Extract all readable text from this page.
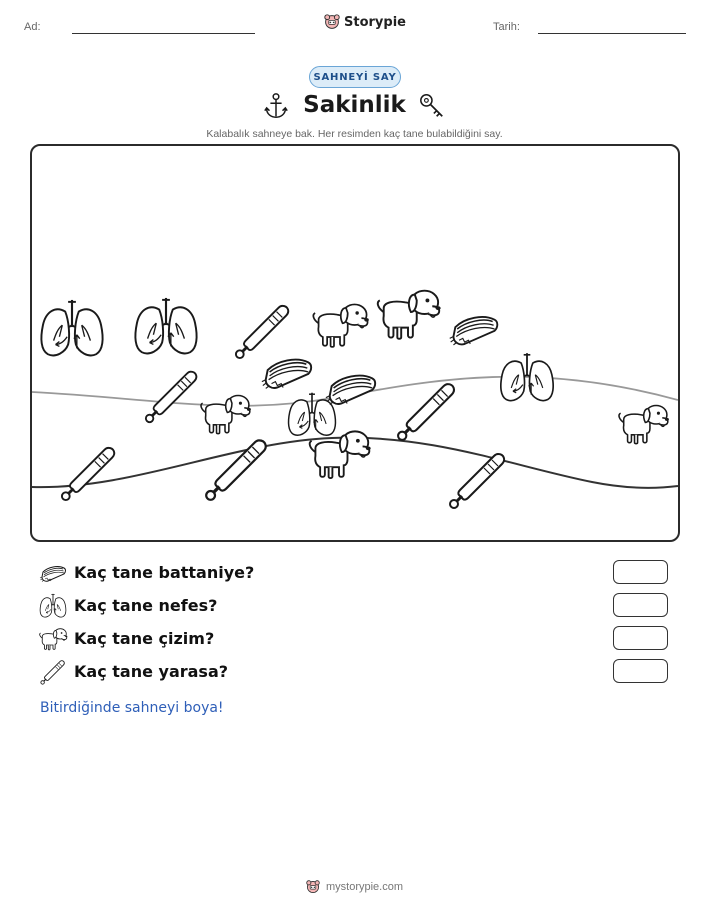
Ad:	Storypie	Tarih:
SAHNEYİ SAY
Sakinlik
Kalabalık sahneye bak. Her resimden kaç tane bulabildiğini say.
Kaç tane battaniye?
Kaç tane nefes?
Kaç tane çizim?
Kaç tane yarasa?
Bitirdiğinde sahneyi boya!
mystorypie.com
